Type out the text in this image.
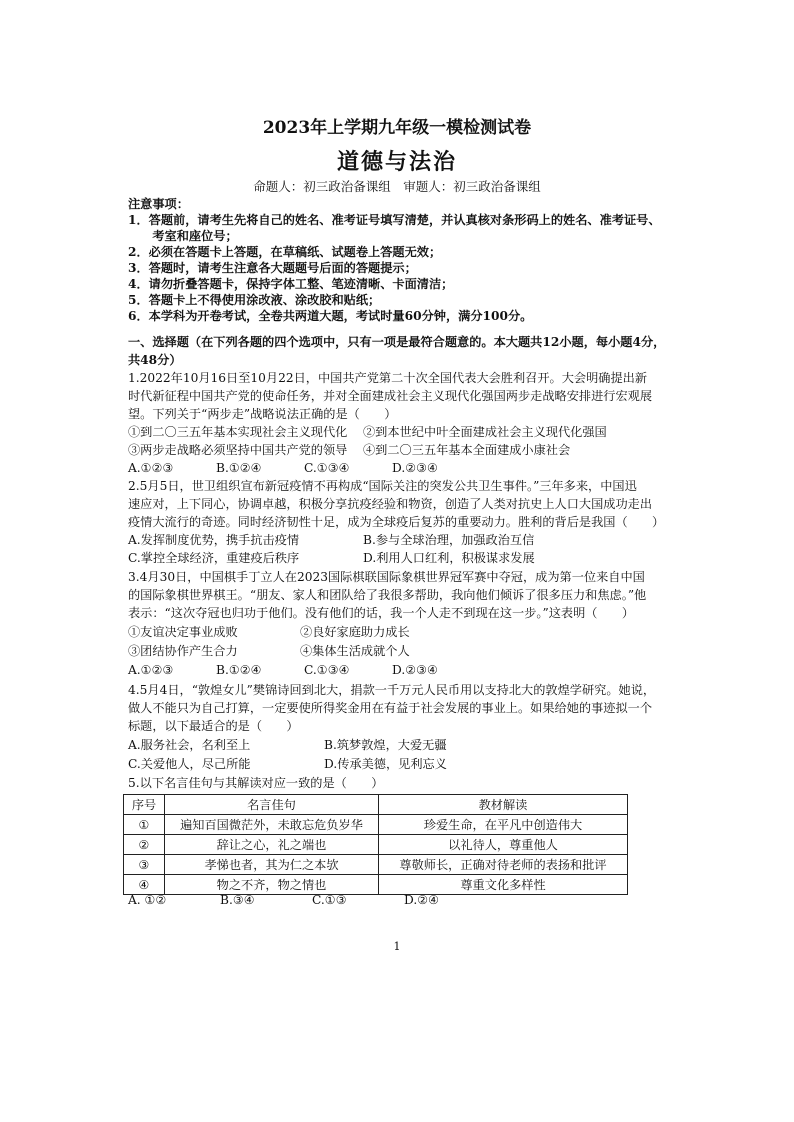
2023年上学期九年级一模检测试卷
道德与法治
命题人：初三政治备课组　审题人：初三政治备课组
注意事项：
1．答题前，请考生先将自己的姓名、准考证号填写清楚，并认真核对条形码上的姓名、准考证号、
　　考室和座位号；
2．必须在答题卡上答题，在草稿纸、试题卷上答题无效；
3．答题时，请考生注意各大题题号后面的答题提示；
4．请勿折叠答题卡，保持字体工整、笔迹清晰、卡面清洁；
5．答题卡上不得使用涂改液、涂改胶和贴纸；
6．本学科为开卷考试，全卷共两道大题，考试时量60分钟，满分100分。
一、选择题（在下列各题的四个选项中，只有一项是最符合题意的。本大题共12小题，每小题4分，
共48分）
1.2022年10月16日至10月22日，中国共产党第二十次全国代表大会胜利召开。大会明确提出新
时代新征程中国共产党的使命任务，并对全面建成社会主义现代化强国两步走战略安排进行宏观展
望。下列关于“两步走”战略说法正确的是（　　）
①到二〇三五年基本实现社会主义现代化 ②到本世纪中叶全面建成社会主义现代化强国
③两步走战略必须坚持中国共产党的领导 ④到二〇三五年基本全面建成小康社会
A.①②③	B.①②④	C.①③④	D.②③④
2.5月5日，世卫组织宣布新冠疫情不再构成“国际关注的突发公共卫生事件。”三年多来，中国迅
速应对，上下同心，协调卓越，积极分享抗疫经验和物资，创造了人类对抗史上人口大国成功走出
疫情大流行的奇迹。同时经济韧性十足，成为全球疫后复苏的重要动力。胜利的背后是我国（　　）
A.发挥制度优势，携手抗击疫情	B.参与全球治理，加强政治互信
C.掌控全球经济，重建疫后秩序	D.利用人口红利，积极谋求发展
3.4月30日，中国棋手丁立人在2023国际棋联国际象棋世界冠军赛中夺冠，成为第一位来自中国
的国际象棋世界棋王。“朋友、家人和团队给了我很多帮助，我向他们倾诉了很多压力和焦虑。”他
表示：“这次夺冠也归功于他们。没有他们的话，我一个人走不到现在这一步。”这表明（　　）
①友谊决定事业成败	②良好家庭助力成长
③团结协作产生合力	④集体生活成就个人
A.①②③	B.①②④	C.①③④	D.②③④
4.5月4日，“敦煌女儿”樊锦诗回到北大，捐款一千万元人民币用以支持北大的敦煌学研究。她说，
做人不能只为自己打算，一定要使所得奖金用在有益于社会发展的事业上。如果给她的事迹拟一个
标题，以下最适合的是（　　）
A.服务社会，名利至上	B.筑梦敦煌，大爱无疆
C.关爱他人，尽己所能	D.传承美德，见利忘义
5.以下名言佳句与其解读对应一致的是（　　）
序号	名言佳句	教材解读
①	遍知百国微茫外，未敢忘危负岁华	珍爱生命，在平凡中创造伟大
②	辞让之心，礼之端也	以礼待人，尊重他人
③	孝悌也者，其为仁之本欤	尊敬师长，正确对待老师的表扬和批评
④	物之不齐，物之情也	尊重文化多样性
A. ①②	B.③④	C.①③	D.②④
1
